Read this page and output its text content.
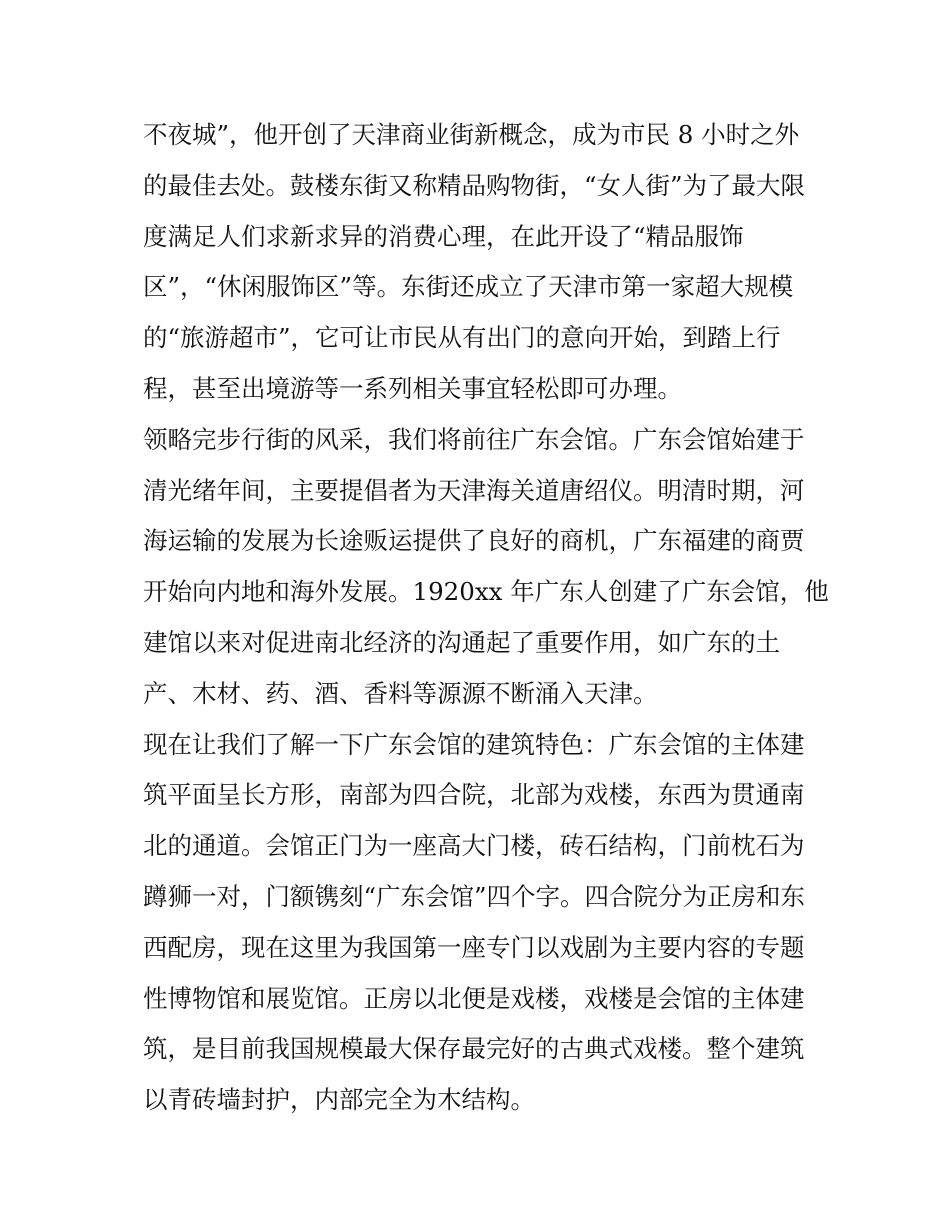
不夜城”，他开创了天津商业街新概念，成为市民 8 小时之外
的最佳去处。鼓楼东街又称精品购物街，“女人街”为了最大限
度满足人们求新求异的消费心理，在此开设了“精品服饰
区”，“休闲服饰区”等。东街还成立了天津市第一家超大规模
的“旅游超市”，它可让市民从有出门的意向开始，到踏上行
程，甚至出境游等一系列相关事宜轻松即可办理。
领略完步行街的风采，我们将前往广东会馆。广东会馆始建于
清光绪年间，主要提倡者为天津海关道唐绍仪。明清时期，河
海运输的发展为长途贩运提供了良好的商机，广东福建的商贾
开始向内地和海外发展。1920xx 年广东人创建了广东会馆，他
建馆以来对促进南北经济的沟通起了重要作用，如广东的土
产、木材、药、酒、香料等源源不断涌入天津。
现在让我们了解一下广东会馆的建筑特色：广东会馆的主体建
筑平面呈长方形，南部为四合院，北部为戏楼，东西为贯通南
北的通道。会馆正门为一座高大门楼，砖石结构，门前枕石为
蹲狮一对，门额镌刻“广东会馆”四个字。四合院分为正房和东
西配房，现在这里为我国第一座专门以戏剧为主要内容的专题
性博物馆和展览馆。正房以北便是戏楼，戏楼是会馆的主体建
筑，是目前我国规模最大保存最完好的古典式戏楼。整个建筑
以青砖墙封护，内部完全为木结构。
